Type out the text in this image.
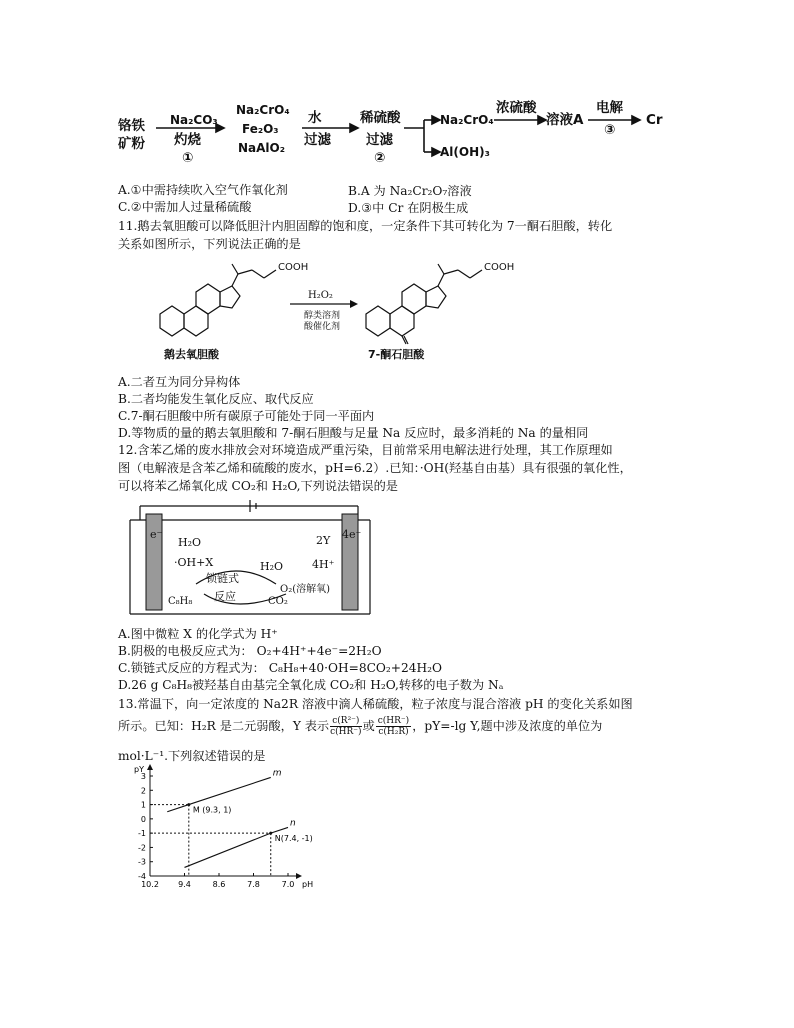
铬铁
矿粉
Na₂CO₃
灼烧
①
Na₂CrO₄
Fe₂O₃
NaAlO₂
水
过滤
稀硫酸
过滤
②
Na₂CrO₄
Al(OH)₃
浓硫酸
溶液A
电解
③
Cr
A.①中需持续吹入空气作氧化剂	B.A 为 Na₂Cr₂O₇溶液
C.②中需加人过量稀硫酸	D.③中 Cr 在阴极生成
11.鹅去氧胆酸可以降低胆汁内胆固醇的饱和度，一定条件下其可转化为 7一酮石胆酸，转化
关系如图所示，下列说法正确的是
COOH	COOH
H₂O₂
醇类溶剂
酸催化剂
鹅去氧胆酸	7-酮石胆酸
A.二者互为同分异构体
B.二者均能发生氧化反应、取代反应
C.7-酮石胆酸中所有碳原子可能处于同一平面内
D.等物质的量的鹅去氧胆酸和 7-酮石胆酸与足量 Na 反应时，最多消耗的 Na 的量相同
12.含苯乙烯的废水排放会对环境造成严重污染，目前常采用电解法进行处理，其工作原理如
图（电解液是含苯乙烯和硫酸的废水，pH=6.2）.已知：·OH(羟基自由基）具有很强的氧化性，
可以将苯乙烯氧化成 CO₂和 H₂O,下列说法错误的是
e⁻	4e⁻
H₂O
·OH+X
锁链式
反应
H₂O
C₈H₈	CO₂
O₂(溶解氧)
2Y
4H⁺
A.图中微粒 X 的化学式为 H⁺
B.阴极的电极反应式为： O₂+4H⁺+4e⁻=2H₂O
C.锁链式反应的方程式为： C₈H₈+40·OH=8CO₂+24H₂O
D.26 g C₈H₈被羟基自由基完全氧化成 CO₂和 H₂O,转移的电子数为 Nₐ
13.常温下，向一定浓度的 Na2R 溶液中滴人稀硫酸，粒子浓度与混合溶液 pH 的变化关系如图
所示。已知：H₂R 是二元弱酸，Y 表示 $\frac{\text{c(R²⁻)}}{c(HR^-)}$ 或 $\frac{c(HR^-)}{\text{c(H₂R)}}$ ，pY=-lg Y,题中涉及浓度的单位为
mol·L⁻¹.下列叙述错误的是
10.2 9.4	8.6	7.8	7.0
3
2
1
0
-1
-2
-3
-4
pH
pY	m
n
M (9.3, 1)
N(7.4, -1)
